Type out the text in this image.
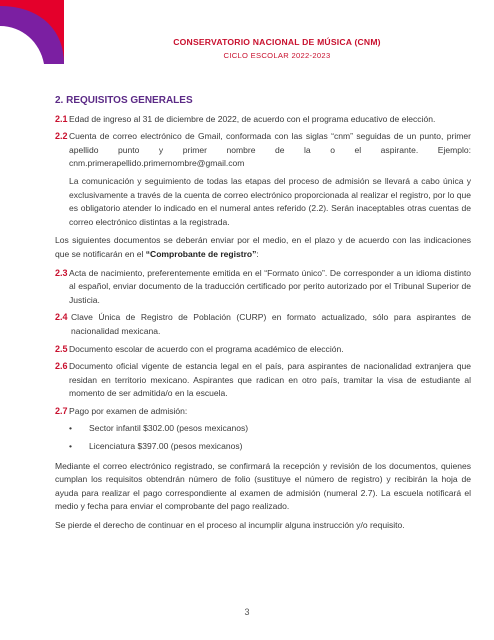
CONSERVATORIO NACIONAL DE MÚSICA (CNM)
CICLO ESCOLAR 2022-2023
2. REQUISITOS GENERALES
2.1 Edad de ingreso al 31 de diciembre de 2022, de acuerdo con el programa educativo de elección.
2.2 Cuenta de correo electrónico de Gmail, conformada con las siglas “cnm” seguidas de un punto, primer apellido punto y primer nombre de la o el aspirante. Ejemplo: cnm.primerapellido.primernombre@gmail.com

La comunicación y seguimiento de todas las etapas del proceso de admisión se llevará a cabo única y exclusivamente a través de la cuenta de correo electrónico proporcionada al realizar el registro, por lo que es obligatorio atender lo indicado en el numeral antes referido (2.2). Serán inaceptables otras cuentas de correo electrónico distintas a la registrada.

Los siguientes documentos se deberán enviar por el medio, en el plazo y de acuerdo con las indicaciones que se notificarán en el “Comprobante de registro”:

2.3 Acta de nacimiento, preferentemente emitida en el “Formato único”. De corresponder a un idioma distinto al español, enviar documento de la traducción certificado por perito autorizado por el Tribunal Superior de Justicia.
2.4 Clave Única de Registro de Población (CURP) en formato actualizado, sólo para aspirantes de nacionalidad mexicana.
2.5 Documento escolar de acuerdo con el programa académico de elección.
2.6 Documento oficial vigente de estancia legal en el país, para aspirantes de nacionalidad extranjera que residan en territorio mexicano. Aspirantes que radican en otro país, tramitar la visa de estudiante al momento de ser admitida/o en la escuela.
2.7 Pago por examen de admisión:
• Sector infantil $302.00 (pesos mexicanos)
• Licenciatura $397.00 (pesos mexicanos)

Mediante el correo electrónico registrado, se confirmará la recepción y revisión de los documentos, quienes cumplan los requisitos obtendrán número de folio (sustituye el número de registro) y recibirán la hoja de ayuda para realizar el pago correspondiente al examen de admisión (numeral 2.7). La escuela notificará el medio y fecha para enviar el comprobante del pago realizado.

Se pierde el derecho de continuar en el proceso al incumplir alguna instrucción y/o requisito.

3
